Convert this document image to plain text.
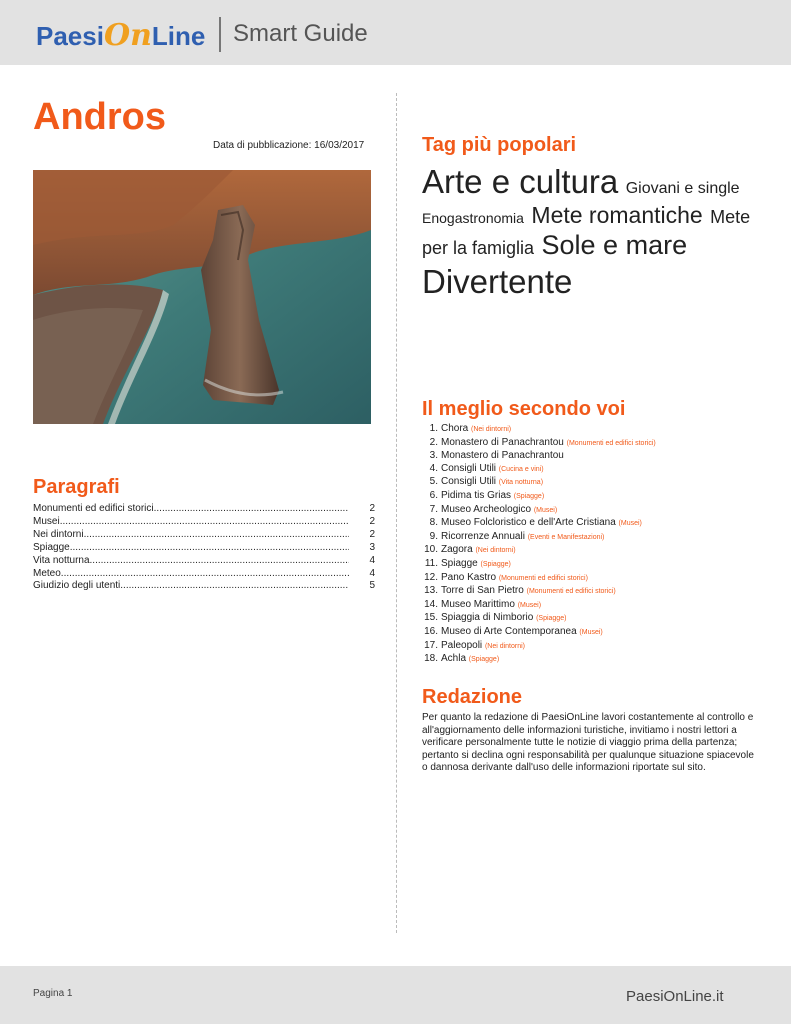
PaesiOnLine Smart Guide
Andros
Data di pubblicazione: 16/03/2017
Paragrafi
Monumenti ed edifici storici .....	2
Musei .....	2
Nei dintorni .....	2
Spiagge .....	3
Vita notturna .....	4
Meteo .....	4
Giudizio degli utenti .....	5
Tag più popolari
Arte e cultura Giovani e single Enogastronomia Mete romantiche Mete per la famiglia Sole e mare Divertente
Il meglio secondo voi
1. Chora (Nei dintorni)
2. Monastero di Panachrantou (Monumenti ed edifici storici)
3. Monastero di Panachrantou
4. Consigli Utili (Cucina e vini)
5. Consigli Utili (Vita notturna)
6. Pidima tis Grias (Spiagge)
7. Museo Archeologico (Musei)
8. Museo Folcloristico e dell'Arte Cristiana (Musei)
9. Ricorrenze Annuali (Eventi e Manifestazioni)
10. Zagora (Nei dintorni)
11. Spiagge (Spiagge)
12. Pano Kastro (Monumenti ed edifici storici)
13. Torre di San Pietro (Monumenti ed edifici storici)
14. Museo Marittimo (Musei)
15. Spiaggia di Nimborio (Spiagge)
16. Museo di Arte Contemporanea (Musei)
17. Paleopoli (Nei dintorni)
18. Achla (Spiagge)
Redazione

Per quanto la redazione di PaesiOnLine lavori costantemente al controllo e all'aggiornamento delle informazioni turistiche, invitiamo i nostri lettori a verificare personalmente tutte le notizie di viaggio prima della partenza; pertanto si declina ogni responsabilità per qualunque situazione spiacevole o dannosa derivante dall'uso delle informazioni riportate sul sito.

Pagina 1	PaesiOnLine.it
